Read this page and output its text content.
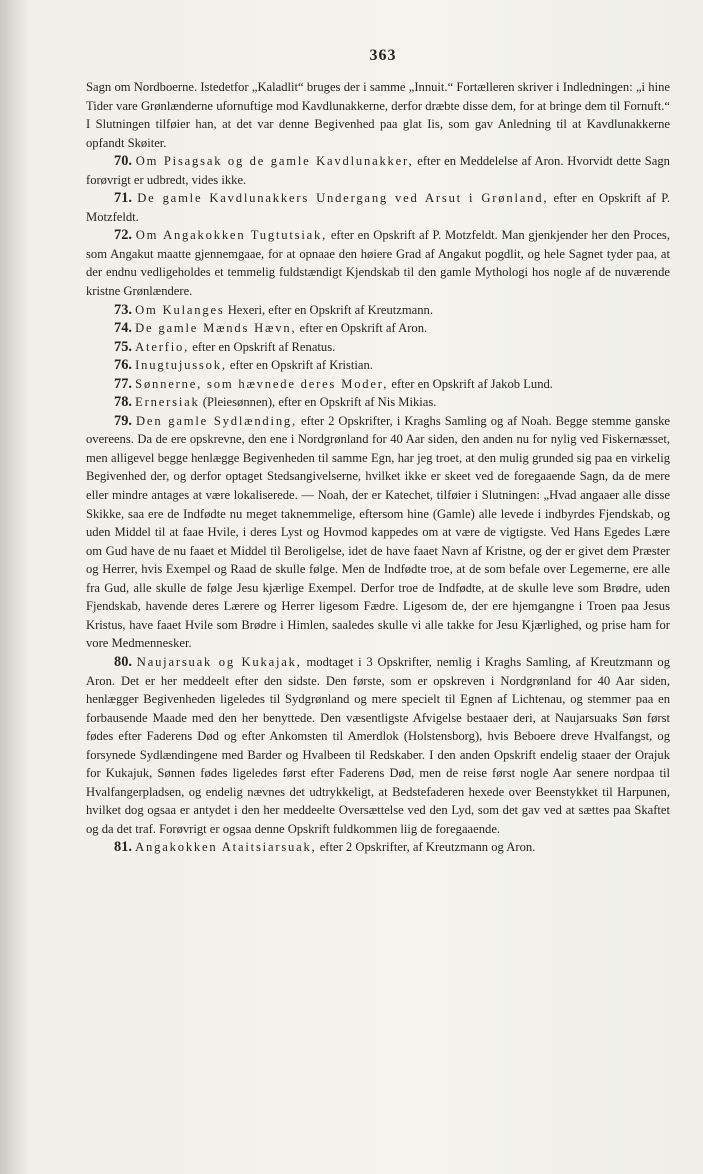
363

Sagn om Nordboerne. Istedetfor „Kaladlit“ bruges der i samme „Innuit.“ Fortælleren skriver i Indledningen: „i hine Tider vare Grønlænderne ufornuftige mod Kavdlunakkerne, derfor dræbte disse dem, for at bringe dem til Fornuft.“ I Slutningen tilføier han, at det var denne Begivenhed paa glat Iis, som gav Anledning til at Kavdlunakkerne opfandt Skøiter.

70. Om Pisagsak og de gamle Kavdlunakker, efter en Meddelelse af Aron. Hvorvidt dette Sagn forøvrigt er udbredt, vides ikke.

71. De gamle Kavdlunakkers Undergang ved Arsut i Grønland, efter en Opskrift af P. Motzfeldt.

72. Om Angakokken Tugtutsiak, efter en Opskrift af P. Motzfeldt. Man gjenkjender her den Proces, som Angakut maatte gjennemgaae, for at opnaae den høiere Grad af Angakut pogdlit, og hele Sagnet tyder paa, at der endnu vedligeholdes et temmelig fuldstændigt Kjendskab til den gamle Mythologi hos nogle af de nuværende kristne Grønlændere.

73. Om Kulanges Hexeri, efter en Opskrift af Kreutzmann.

74. De gamle Mænds Hævn, efter en Opskrift af Aron.

75. Aterfio, efter en Opskrift af Renatus.

76. Inugtujussok, efter en Opskrift af Kristian.

77. Sønnerne, som hævnede deres Moder, efter en Opskrift af Jakob Lund.

78. Ernersiak (Pleiesønnen), efter en Opskrift af Nis Mikias.

79. Den gamle Sydlænding, efter 2 Opskrifter, i Kraghs Samling og af Noah. Begge stemme ganske overeens. Da de ere opskrevne, den ene i Nordgrønland for 40 Aar siden, den anden nu for nylig ved Fiskernæsset, men alligevel begge henlægge Begivenheden til samme Egn, har jeg troet, at den mulig grunded sig paa en virkelig Begivenhed der, og derfor optaget Stedsangivelserne, hvilket ikke er skeet ved de foregaaende Sagn, da de mere eller mindre antages at være lokaliserede. — Noah, der er Katechet, tilføier i Slutningen: „Hvad angaaer alle disse Skikke, saa ere de Indfødte nu meget taknemmelige, eftersom hine (Gamle) alle levede i indbyrdes Fjendskab, og uden Middel til at faae Hvile, i deres Lyst og Hovmod kappedes om at være de vigtigste. Ved Hans Egedes Lære om Gud have de nu faaet et Middel til Beroligelse, idet de have faaet Navn af Kristne, og der er givet dem Præster og Herrer, hvis Exempel og Raad de skulle følge. Men de Indfødte troe, at de som befale over Legemerne, ere alle fra Gud, alle skulle de følge Jesu kjærlige Exempel. Derfor troe de Indfødte, at de skulle leve som Brødre, uden Fjendskab, havende deres Lærere og Herrer ligesom Fædre. Ligesom de, der ere hjemgangne i Troen paa Jesus Kristus, have faaet Hvile som Brødre i Himlen, saaledes skulle vi alle takke for Jesu Kjærlighed, og prise ham for vore Medmennesker.

80. Naujarsuak og Kukajak, modtaget i 3 Opskrifter, nemlig i Kraghs Samling, af Kreutzmann og Aron. Det er her meddeelt efter den sidste. Den første, som er opskreven i Nordgrønland for 40 Aar siden, henlægger Begivenheden ligeledes til Sydgrønland og mere specielt til Egnen af Lichtenau, og stemmer paa en forbausende Maade med den her benyttede. Den væsentligste Afvigelse bestaaer deri, at Naujarsuaks Søn først fødes efter Faderens Død og efter Ankomsten til Amerdlok (Holstensborg), hvis Beboere dreve Hvalfangst, og forsynede Sydlændingene med Barder og Hvalbeen til Redskaber. I den anden Opskrift endelig staaer der Orajuk for Kukajuk, Sønnen fødes ligeledes først efter Faderens Død, men de reise først nogle Aar senere nordpaa til Hvalfangerpladsen, og endelig nævnes det udtrykkeligt, at Bedstefaderen hexede over Beenstykket til Harpunen, hvilket dog ogsaa er antydet i den her meddeelte Oversættelse ved den Lyd, som det gav ved at sættes paa Skaftet og da det traf. Forøvrigt er ogsaa denne Opskrift fuldkommen liig de foregaaende.

81. Angakokken Ataitsiarsuak, efter 2 Opskrifter, af Kreutzmann og Aron.
